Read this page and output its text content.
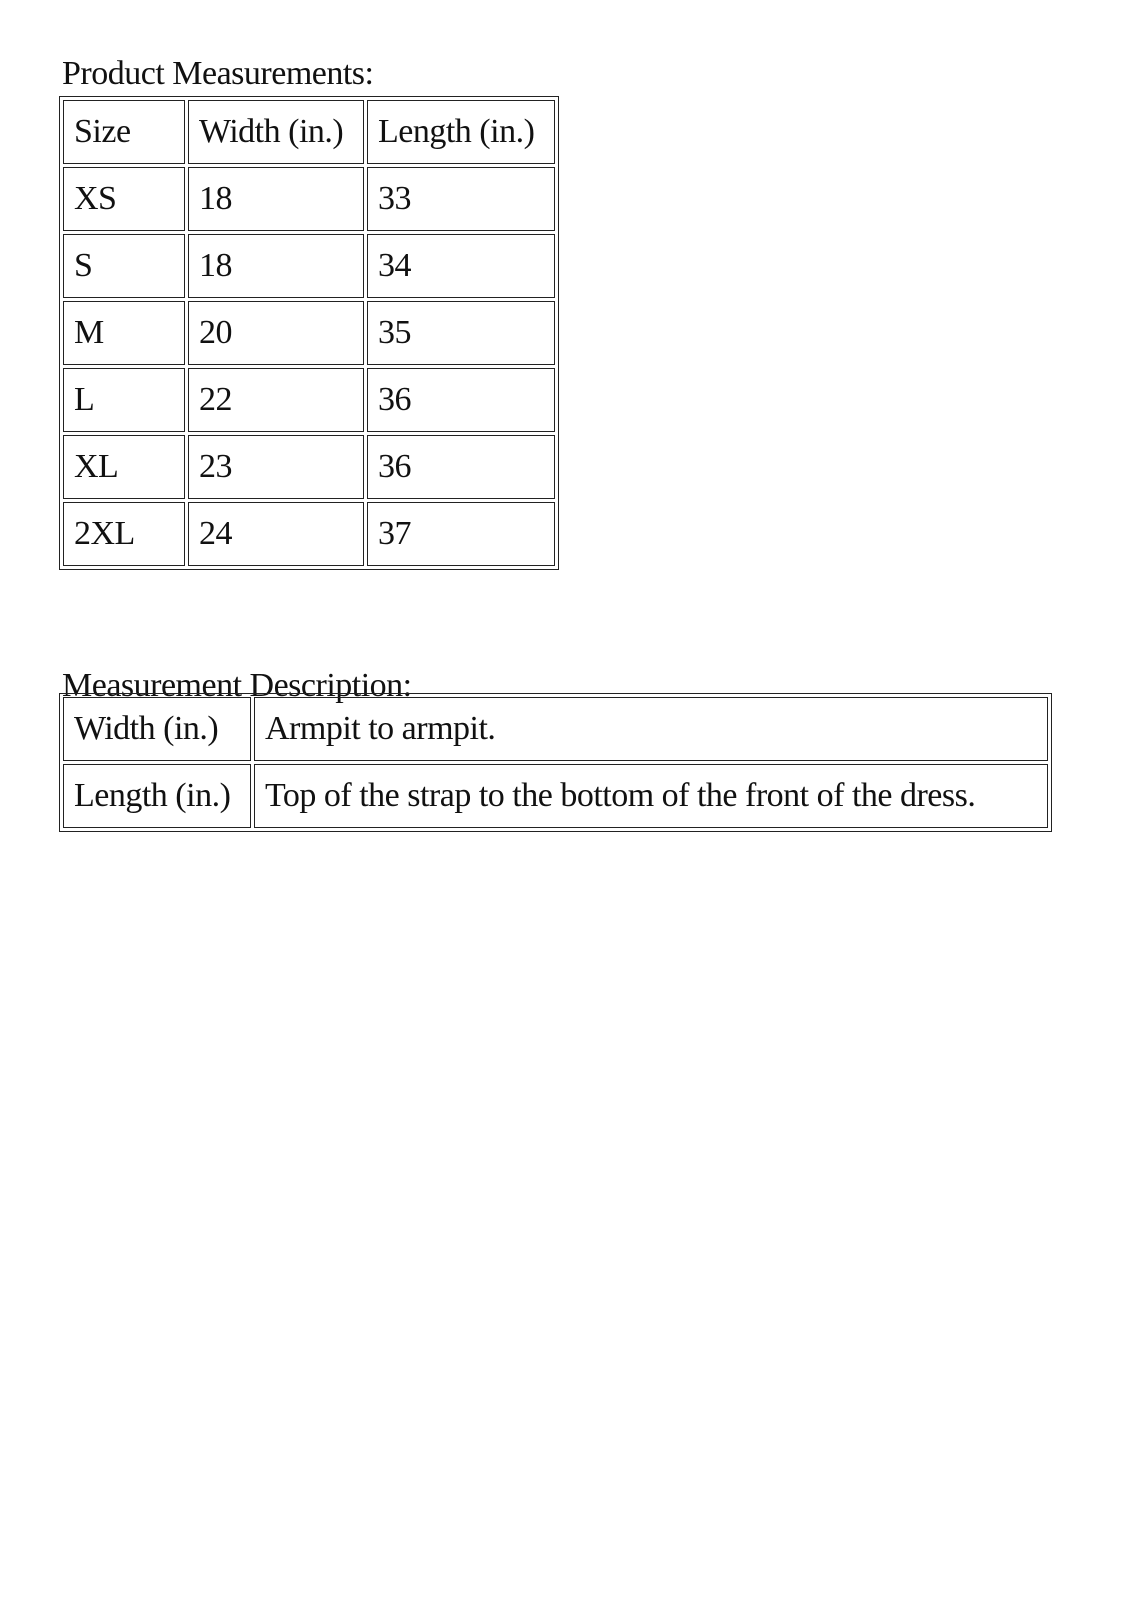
Product Measurements:
Size	Width (in.)	Length (in.)
XS	18	33
S	18	34
M	20	35
L	22	36
XL	23	36
2XL	24	37
Measurement Description:
Width (in.)	Armpit to armpit.
Length (in.)	Top of the strap to the bottom of the front of the dress.
